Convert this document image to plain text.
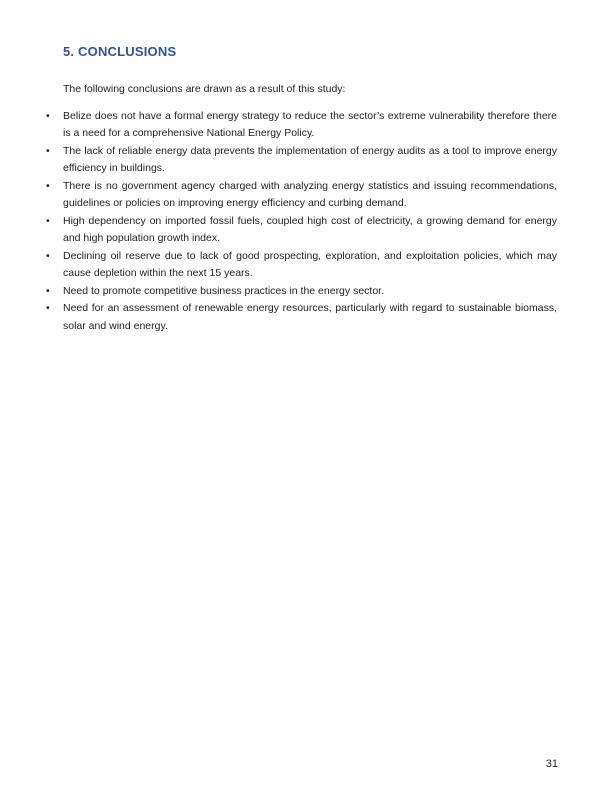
5. CONCLUSIONS

The following conclusions are drawn as a result of this study:

• Belize does not have a formal energy strategy to reduce the sector’s extreme vulnerability therefore there is a need for a comprehensive National Energy Policy.
• The lack of reliable energy data prevents the implementation of energy audits as a tool to improve energy efficiency in buildings.
• There is no government agency charged with analyzing energy statistics and issuing recommendations, guidelines or policies on improving energy efficiency and curbing demand.
• High dependency on imported fossil fuels, coupled high cost of electricity, a growing demand for energy and high population growth index.
• Declining oil reserve due to lack of good prospecting, exploration, and exploitation policies, which may cause depletion within the next 15 years.
• Need to promote competitive business practices in the energy sector.
• Need for an assessment of renewable energy resources, particularly with regard to sustainable biomass, solar and wind energy.
31
